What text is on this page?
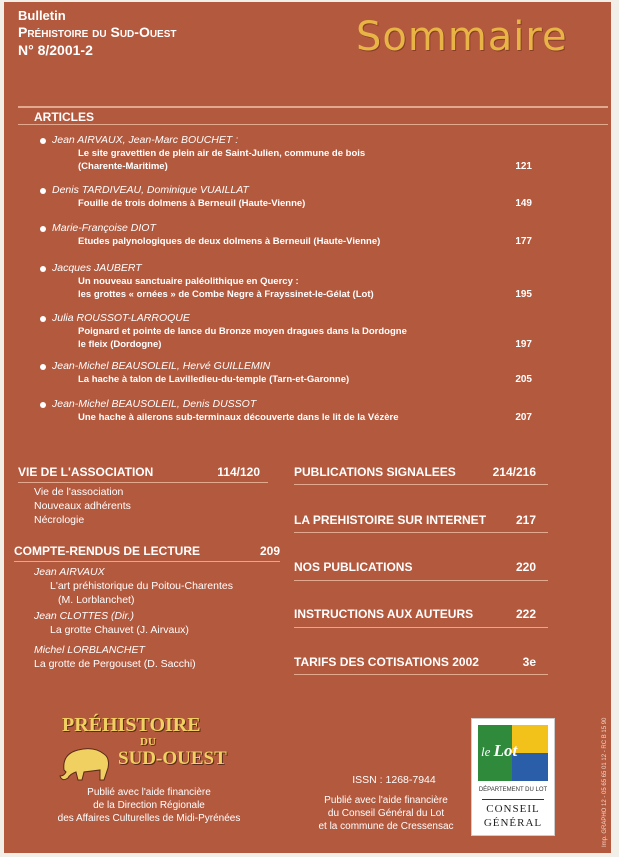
Bulletin
Préhistoire du Sud-Ouest
N° 8/2001-2	Sommaire
ARTICLES
Jean AIRVAUX, Jean-Marc BOUCHET :
Le site gravettien de plein air de Saint-Julien, commune de bois
(Charente-Maritime)	121
Denis TARDIVEAU, Dominique VUAILLAT
Fouille de trois dolmens à Berneuil (Haute-Vienne)	149
Marie-Françoise DIOT
Etudes palynologiques de deux dolmens à Berneuil (Haute-Vienne)	177
Jacques JAUBERT
Un nouveau sanctuaire paléolithique en Quercy :
les grottes « ornées » de Combe Negre à Frayssinet-le-Gélat (Lot)	195
Julia ROUSSOT-LARROQUE
Poignard et pointe de lance du Bronze moyen dragues dans la Dordogne
le fleix (Dordogne)	197
Jean-Michel BEAUSOLEIL, Hervé GUILLEMIN
La hache à talon de Lavilledieu-du-temple (Tarn-et-Garonne)	205
Jean-Michel BEAUSOLEIL, Denis DUSSOT
Une hache à ailerons sub-terminaux découverte dans le lit de la Vézère	207
VIE DE L'ASSOCIATION	114/120
Vie de l'association
Nouveaux adhérents
Nécrologie
COMPTE-RENDUS DE LECTURE	209
Jean AIRVAUX
L'art préhistorique du Poitou-Charentes
(M. Lorblanchet)
Jean CLOTTES (Dir.)
La grotte Chauvet (J. Airvaux)
Michel LORBLANCHET
La grotte de Pergouset (D. Sacchi)
PUBLICATIONS SIGNALEES	214/216
LA PREHISTOIRE SUR INTERNET 217
NOS PUBLICATIONS	220
INSTRUCTIONS AUX AUTEURS	222
TARIFS DES COTISATIONS 2002	3e
PRÉHISTOIRE
DU
SUD-OUEST
Publié avec l'aide financière
de la Direction Régionale
des Affaires Culturelles de Midi-Pyrénées
ISSN : 1268-7944
Publié avec l'aide financière
du Conseil Général du Lot
et la commune de Cressensac
le Lot
DÉPARTEMENT DU LOT
CONSEIL
GÉNÉRAL	Imp. GRAPHO 12 - 05 65 65 01 12 - RC B 15 90
